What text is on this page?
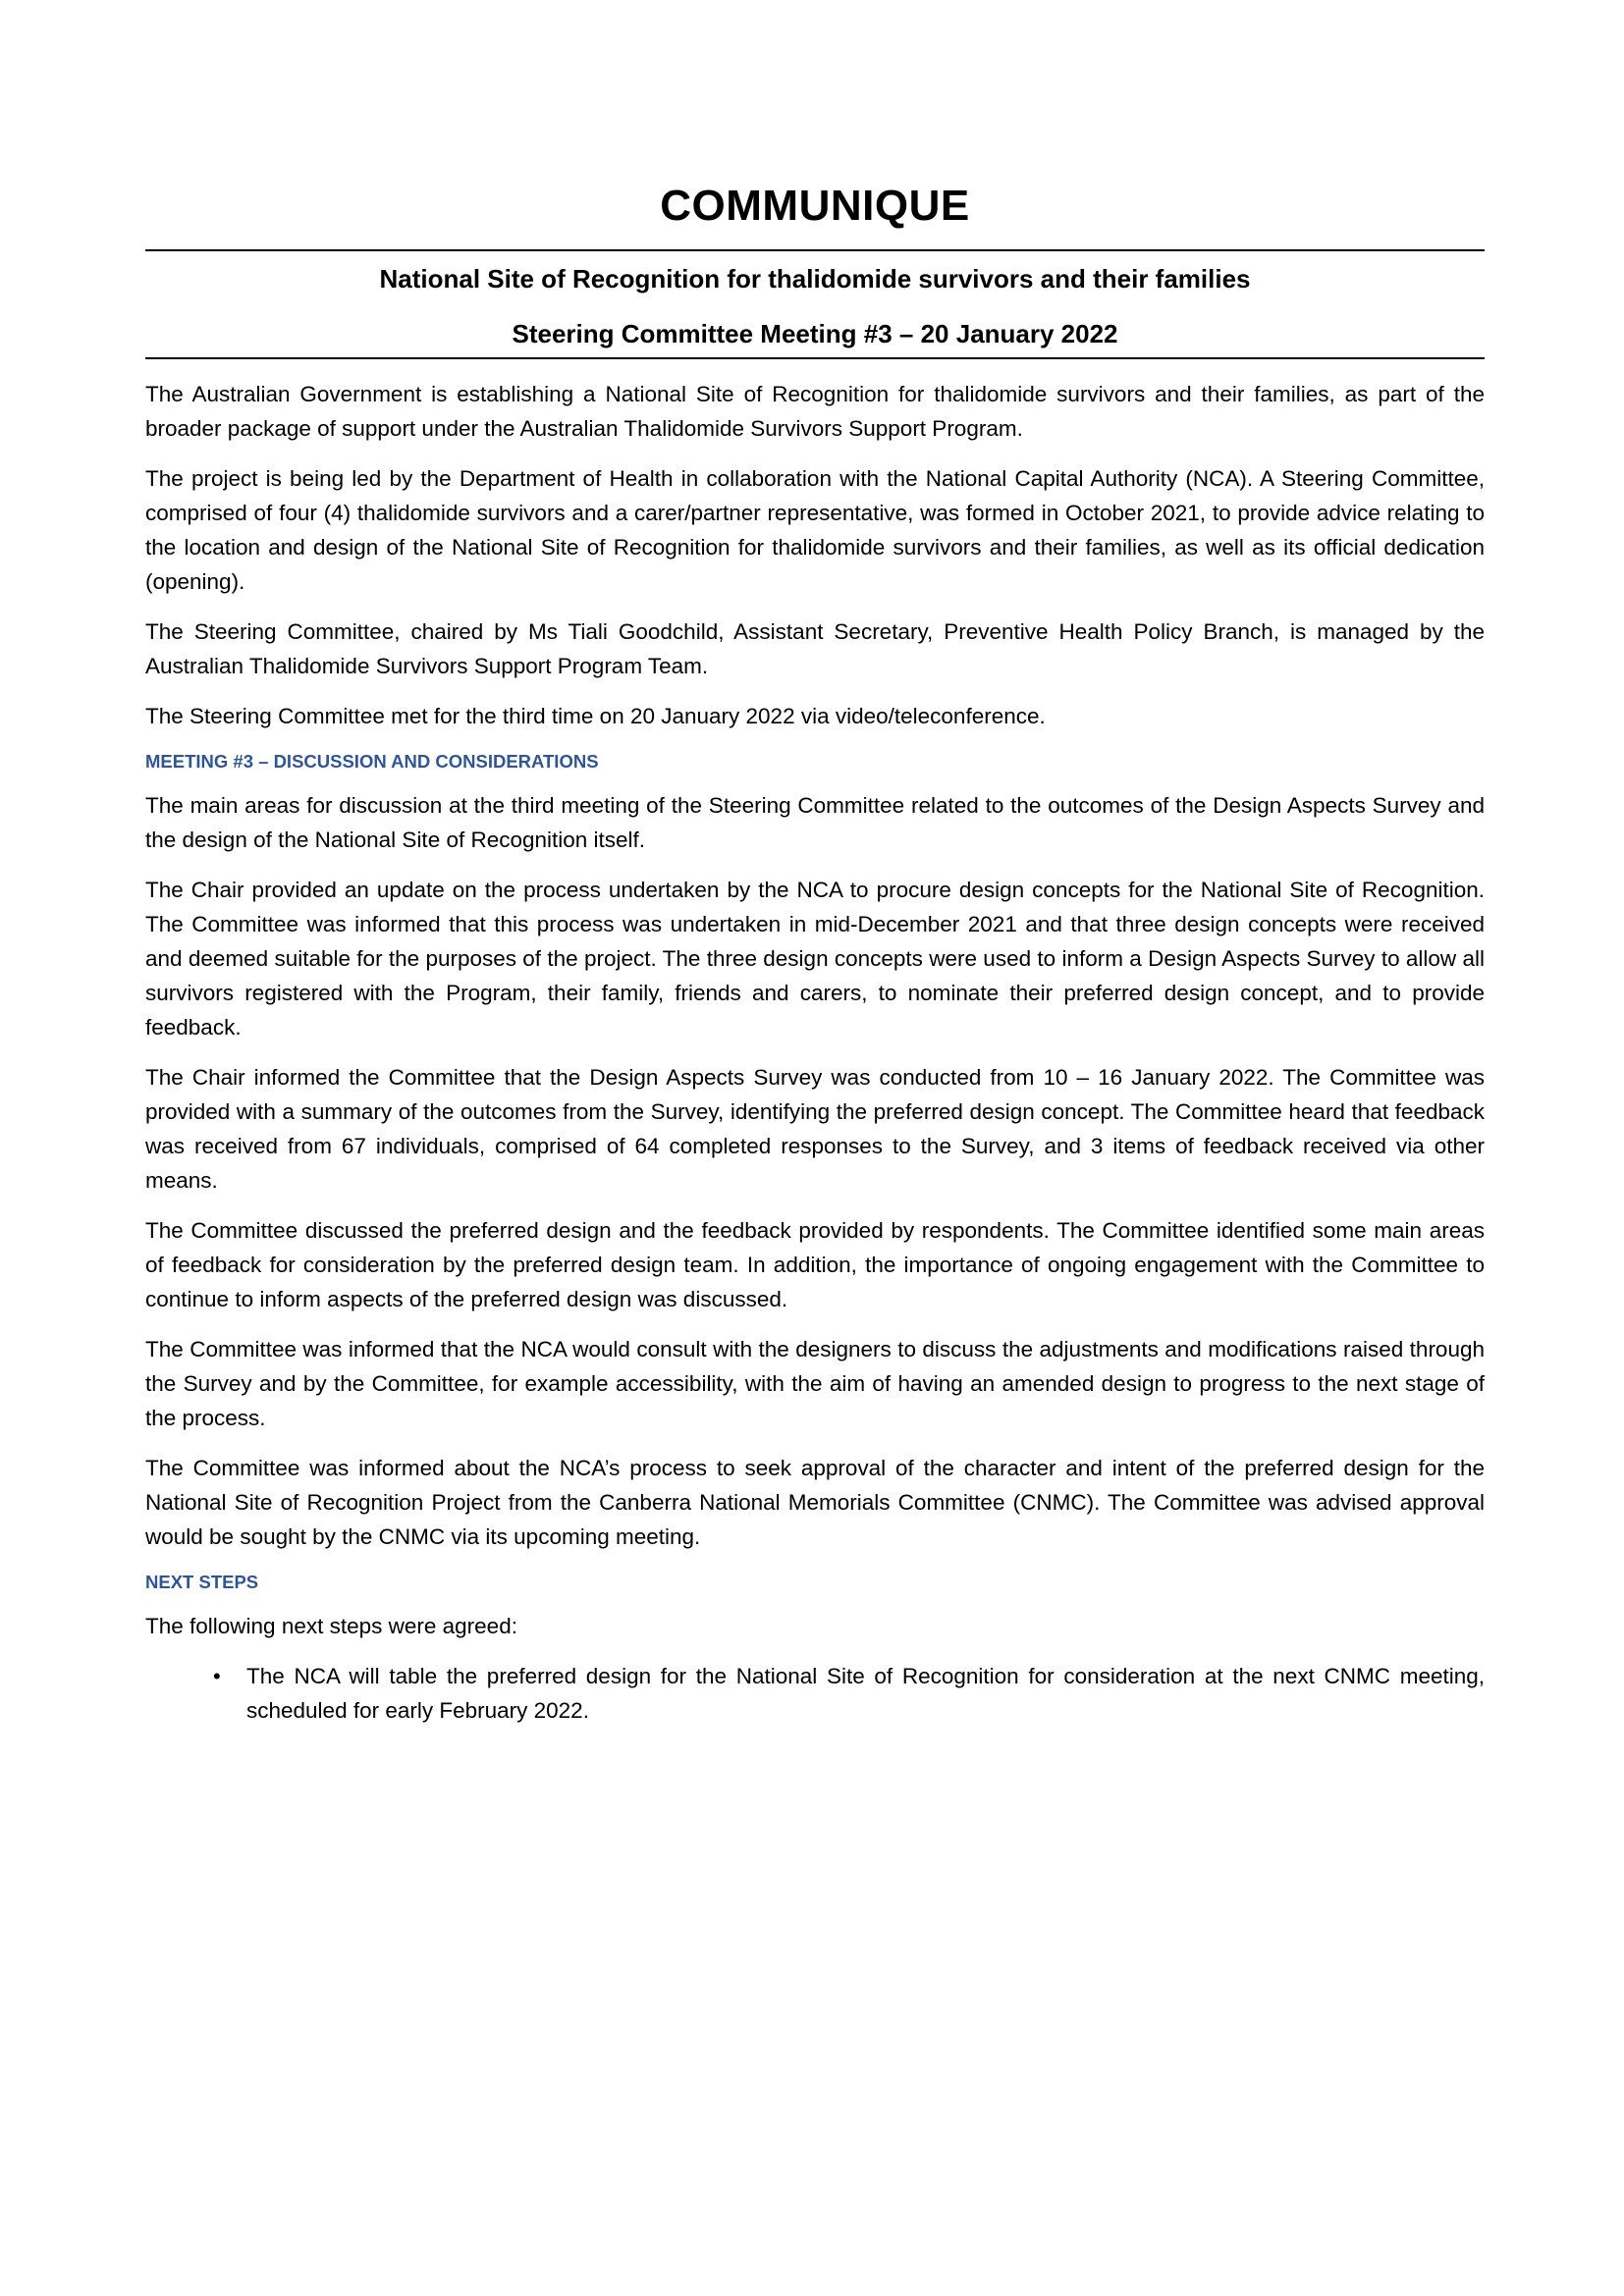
COMMUNIQUE
National Site of Recognition for thalidomide survivors and their families
Steering Committee Meeting #3 – 20 January 2022

The Australian Government is establishing a National Site of Recognition for thalidomide survivors and their families, as part of the broader package of support under the Australian Thalidomide Survivors Support Program.

The project is being led by the Department of Health in collaboration with the National Capital Authority (NCA). A Steering Committee, comprised of four (4) thalidomide survivors and a carer/partner representative, was formed in October 2021, to provide advice relating to the location and design of the National Site of Recognition for thalidomide survivors and their families, as well as its official dedication (opening).

The Steering Committee, chaired by Ms Tiali Goodchild, Assistant Secretary, Preventive Health Policy Branch, is managed by the Australian Thalidomide Survivors Support Program Team.

The Steering Committee met for the third time on 20 January 2022 via video/teleconference.

MEETING #3 – DISCUSSION AND CONSIDERATIONS

The main areas for discussion at the third meeting of the Steering Committee related to the outcomes of the Design Aspects Survey and the design of the National Site of Recognition itself.

The Chair provided an update on the process undertaken by the NCA to procure design concepts for the National Site of Recognition. The Committee was informed that this process was undertaken in mid-December 2021 and that three design concepts were received and deemed suitable for the purposes of the project. The three design concepts were used to inform a Design Aspects Survey to allow all survivors registered with the Program, their family, friends and carers, to nominate their preferred design concept, and to provide feedback.

The Chair informed the Committee that the Design Aspects Survey was conducted from 10 – 16 January 2022. The Committee was provided with a summary of the outcomes from the Survey, identifying the preferred design concept. The Committee heard that feedback was received from 67 individuals, comprised of 64 completed responses to the Survey, and 3 items of feedback received via other means.

The Committee discussed the preferred design and the feedback provided by respondents. The Committee identified some main areas of feedback for consideration by the preferred design team. In addition, the importance of ongoing engagement with the Committee to continue to inform aspects of the preferred design was discussed.

The Committee was informed that the NCA would consult with the designers to discuss the adjustments and modifications raised through the Survey and by the Committee, for example accessibility, with the aim of having an amended design to progress to the next stage of the process.

The Committee was informed about the NCA’s process to seek approval of the character and intent of the preferred design for the National Site of Recognition Project from the Canberra National Memorials Committee (CNMC). The Committee was advised approval would be sought by the CNMC via its upcoming meeting.

NEXT STEPS

The following next steps were agreed:

• The NCA will table the preferred design for the National Site of Recognition for consideration at the next CNMC meeting, scheduled for early February 2022.
